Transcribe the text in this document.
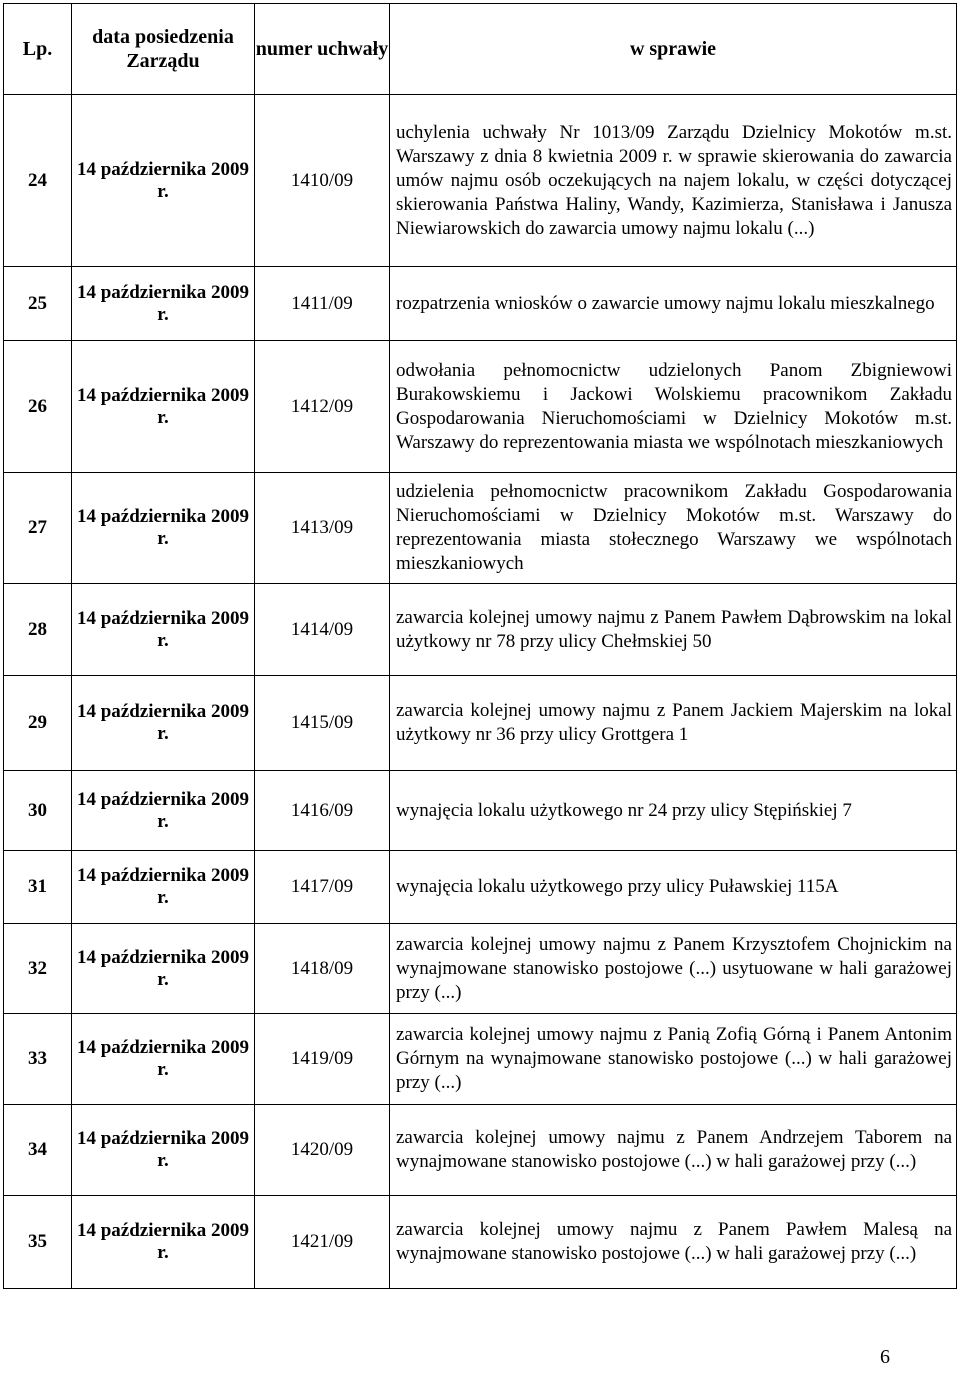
Lp.	data posiedzenia Zarządu	numer uchwały	w sprawie
24	14 października 2009 r.	1410/09	uchylenia uchwały Nr 1013/09 Zarządu Dzielnicy Mokotów m.st. Warszawy z dnia 8 kwietnia 2009 r. w sprawie skierowania do zawarcia umów najmu osób oczekujących na najem lokalu, w części dotyczącej skierowania Państwa Haliny, Wandy, Kazimierza, Stanisława i Janusza Niewiarowskich do zawarcia umowy najmu lokalu (...)
25	14 października 2009 r.	1411/09	rozpatrzenia wniosków o zawarcie umowy najmu lokalu mieszkalnego
26	14 października 2009 r.	1412/09	odwołania pełnomocnictw udzielonych Panom Zbigniewowi Burakowskiemu i Jackowi Wolskiemu pracownikom Zakładu Gospodarowania Nieruchomościami w Dzielnicy Mokotów m.st. Warszawy do reprezentowania miasta we wspólnotach mieszkaniowych
27	14 października 2009 r.	1413/09	udzielenia pełnomocnictw pracownikom Zakładu Gospodarowania Nieruchomościami w Dzielnicy Mokotów m.st. Warszawy do reprezentowania miasta stołecznego Warszawy we wspólnotach mieszkaniowych
28	14 października 2009 r.	1414/09	zawarcia kolejnej umowy najmu z Panem Pawłem Dąbrowskim na lokal użytkowy nr 78 przy ulicy Chełmskiej 50
29	14 października 2009 r.	1415/09	zawarcia kolejnej umowy najmu z Panem Jackiem Majerskim na lokal użytkowy nr 36 przy ulicy Grottgera 1
30	14 października 2009 r.	1416/09	wynajęcia lokalu użytkowego nr 24 przy ulicy Stępińskiej 7
31	14 października 2009 r.	1417/09	wynajęcia lokalu użytkowego przy ulicy Puławskiej 115A
32	14 października 2009 r.	1418/09	zawarcia kolejnej umowy najmu z Panem Krzysztofem Chojnickim na wynajmowane stanowisko postojowe (...) usytuowane w hali garażowej przy (...)
33	14 października 2009 r.	1419/09	zawarcia kolejnej umowy najmu z Panią Zofią Górną i Panem Antonim Górnym na wynajmowane stanowisko postojowe (...) w hali garażowej przy (...)
34	14 października 2009 r.	1420/09	zawarcia kolejnej umowy najmu z Panem Andrzejem Taborem na wynajmowane stanowisko postojowe (...) w hali garażowej przy (...)
35	14 października 2009 r.	1421/09	zawarcia kolejnej umowy najmu z Panem Pawłem Malesą na wynajmowane stanowisko postojowe (...) w hali garażowej przy (...)
6
